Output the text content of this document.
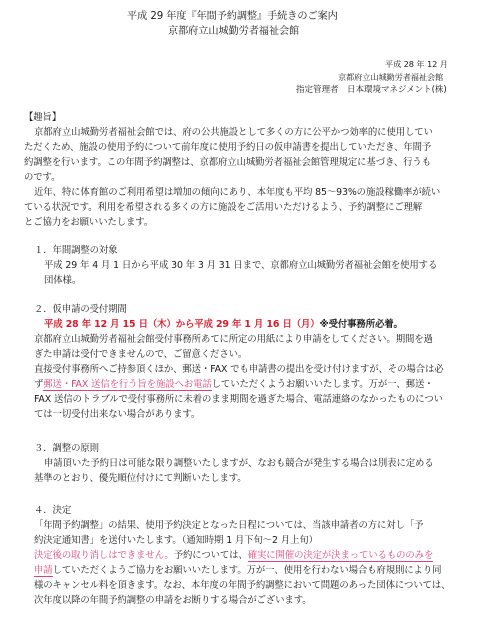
平成 29 年度『年間予約調整』手続きのご案内
京都府立山城勤労者福祉会館
平成 28 年 12 月
京都府立山城勤労者福祉会館
指定管理者　日本環境マネジメント(株)
【趣旨】
京都府立山城勤労者福祉会館では、府の公共施設として多くの方に公平かつ効率的に使用してい
ただくため、施設の使用予約について前年度に使用予約日の仮申請書を提出していただき、年間予
約調整を行います。この年間予約調整は、京都府立山城勤労者福祉会館管理規定に基づき、行うも
のです。
近年、特に体育館のご利用希望は増加の傾向にあり、本年度も平均 85～93%の施設稼働率が続い
ている状況です。利用を希望される多くの方に施設をご活用いただけるよう、予約調整にご理解
とご協力をお願いいたします。
１．年間調整の対象
平成 29 年 4 月 1 日から平成 30 年 3 月 31 日まで、京都府立山城勤労者福祉会館を使用する
団体様。
２．仮申請の受付期間
平成 28 年 12 月 15 日（木）から平成 29 年 1 月 16 日（月）※受付事務所必着。
京都府立山城勤労者福祉会館受付事務所あてに所定の用紙により申請をしてください。期間を過
ぎた申請は受付できませんので、ご留意ください。
直接受付事務所へご持参頂くほか、郵送・FAX でも申請書の提出を受け付けますが、その場合は必
ず郵送・FAX 送信を行う旨を施設へお電話していただくようお願いいたします。万が一、郵送・
FAX 送信のトラブルで受付事務所に未着のまま期間を過ぎた場合、電話連絡のなかったものについ
ては一切受付出来ない場合があります。
３．調整の原則
申請頂いた予約日は可能な限り調整いたしますが、なおも競合が発生する場合は別表に定める
基準のとおり、優先順位付けにて判断いたします。
４．決定
「年間予約調整」の結果、使用予約決定となった日程については、当該申請者の方に対し「予
約決定通知書」を送付いたします。（通知時期 1 月下旬～2 月上旬）
決定後の取り消しはできません。予約については、確実に開催の決定が決まっているもののみを
申請していただくようご協力をお願いいたします。万が一、使用を行わない場合も府規則により同
様のキャンセル料を頂きます。なお、本年度の年間予約調整において問題のあった団体については、
次年度以降の年間予約調整の申請をお断りする場合がございます。
